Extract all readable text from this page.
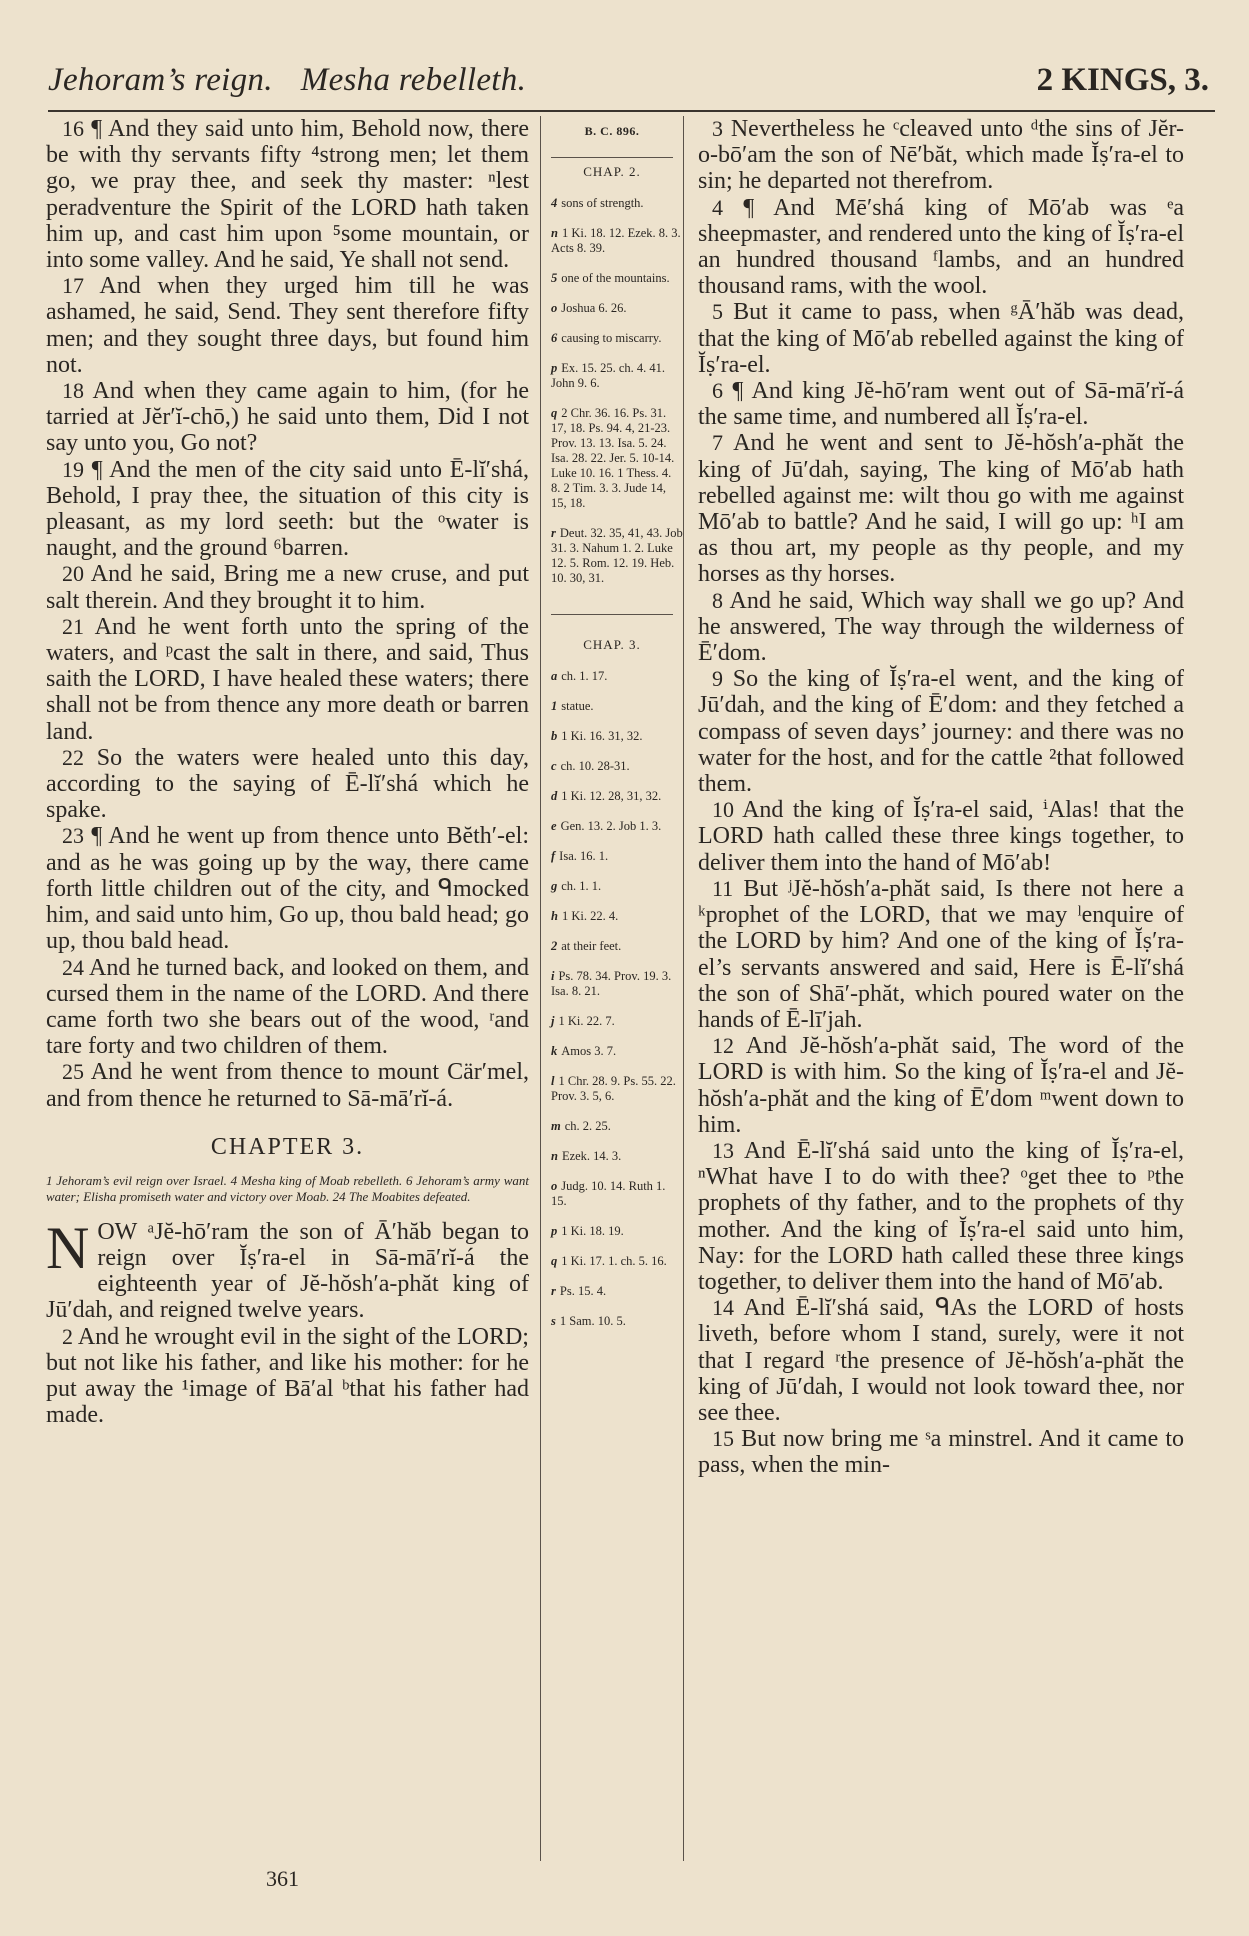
Jehoram’s reign. Mesha rebelleth.	2 KINGS, 3.

16 ¶ And they said unto him, Behold now, there be with thy servants fifty ⁴strong men; let them go, we pray thee, and seek thy master: ⁿlest peradventure the Spirit of the LORD hath taken him up, and cast him upon ⁵some mountain, or into some valley. And he said, Ye shall not send.

17 And when they urged him till he was ashamed, he said, Send. They sent therefore fifty men; and they sought three days, but found him not.

18 And when they came again to him, (for he tarried at Jĕr′ĭ-chō,) he said unto them, Did I not say unto you, Go not?

19 ¶ And the men of the city said unto Ē-lĭ′shá, Behold, I pray thee, the situation of this city is pleasant, as my lord seeth: but the ᵒwater is naught, and the ground ⁶barren.

20 And he said, Bring me a new cruse, and put salt therein. And they brought it to him.

21 And he went forth unto the spring of the waters, and ᵖcast the salt in there, and said, Thus saith the LORD, I have healed these waters; there shall not be from thence any more death or barren land.

22 So the waters were healed unto this day, according to the saying of Ē-lĭ′shá which he spake.

23 ¶ And he went up from thence unto Bĕth′-el: and as he was going up by the way, there came forth little children out of the city, and ᑫmocked him, and said unto him, Go up, thou bald head; go up, thou bald head.

24 And he turned back, and looked on them, and cursed them in the name of the LORD. And there came forth two she bears out of the wood, ʳand tare forty and two children of them.

25 And he went from thence to mount Cär′mel, and from thence he returned to Sā-mā′rĭ-á.

CHAPTER 3.

1 Jehoram’s evil reign over Israel. 4 Mesha king of Moab rebelleth. 6 Jehoram’s army want water; Elisha promiseth water and victory over Moab. 24 The Moabites defeated.

NOW ᵃJĕ-hō′ram the son of Ā′hăb began to reign over Ĭṣ′ra-el in Sā-mā′rĭ-á the eighteenth year of Jĕ-hŏsh′a-phăt king of Jū′dah, and reigned twelve years.

2 And he wrought evil in the sight of the LORD; but not like his father, and like his mother: for he put away the ¹image of Bā′al ᵇthat his father had made.

B. C. 896.
CHAP. 2.
4 sons of strength.
n 1 Ki. 18. 12. Ezek. 8. 3. Acts 8. 39.
5 one of the mountains.
o Joshua 6. 26.
6 causing to miscarry.
p Ex. 15. 25. ch. 4. 41. John 9. 6.
q 2 Chr. 36. 16. Ps. 31. 17, 18. Ps. 94. 4, 21-23. Prov. 13. 13. Isa. 5. 24. Isa. 28. 22. Jer. 5. 10-14. Luke 10. 16. 1 Thess. 4. 8. 2 Tim. 3. 3. Jude 14, 15, 18.
r Deut. 32. 35, 41, 43. Job 31. 3. Nahum 1. 2. Luke 12. 5. Rom. 12. 19. Heb. 10. 30, 31.
CHAP. 3.
a ch. 1. 17.
1 statue.
b 1 Ki. 16. 31, 32.
c ch. 10. 28-31.
d 1 Ki. 12. 28, 31, 32.
e Gen. 13. 2. Job 1. 3.
f Isa. 16. 1.
g ch. 1. 1.
h 1 Ki. 22. 4.
2 at their feet.
i Ps. 78. 34. Prov. 19. 3. Isa. 8. 21.
j 1 Ki. 22. 7.
k Amos 3. 7.
l 1 Chr. 28. 9. Ps. 55. 22. Prov. 3. 5, 6.
m ch. 2. 25.
n Ezek. 14. 3.
o Judg. 10. 14. Ruth 1. 15.
p 1 Ki. 18. 19.
q 1 Ki. 17. 1. ch. 5. 16.
r Ps. 15. 4.
s 1 Sam. 10. 5.

3 Nevertheless he ᶜcleaved unto ᵈthe sins of Jĕr-o-bō′am the son of Nē′băt, which made Ĭṣ′ra-el to sin; he departed not therefrom.

4 ¶ And Mē′shá king of Mō′ab was ᵉa sheepmaster, and rendered unto the king of Ĭṣ′ra-el an hundred thousand ᶠlambs, and an hundred thousand rams, with the wool.

5 But it came to pass, when ᵍĀ′hăb was dead, that the king of Mō′ab rebelled against the king of Ĭṣ′ra-el.

6 ¶ And king Jĕ-hō′ram went out of Sā-mā′rĭ-á the same time, and numbered all Ĭṣ′ra-el.

7 And he went and sent to Jĕ-hŏsh′a-phăt the king of Jū′dah, saying, The king of Mō′ab hath rebelled against me: wilt thou go with me against Mō′ab to battle? And he said, I will go up: ʰI am as thou art, my people as thy people, and my horses as thy horses.

8 And he said, Which way shall we go up? And he answered, The way through the wilderness of Ē′dom.

9 So the king of Ĭṣ′ra-el went, and the king of Jū′dah, and the king of Ē′dom: and they fetched a compass of seven days’ journey: and there was no water for the host, and for the cattle ²that followed them.

10 And the king of Ĭṣ′ra-el said, ⁱAlas! that the LORD hath called these three kings together, to deliver them into the hand of Mō′ab!

11 But ʲJĕ-hŏsh′a-phăt said, Is there not here a ᵏprophet of the LORD, that we may ˡenquire of the LORD by him? And one of the king of Ĭṣ′ra-el’s servants answered and said, Here is Ē-lĭ′shá the son of Shā′-phăt, which poured water on the hands of Ē-lī′jah.

12 And Jĕ-hŏsh′a-phăt said, The word of the LORD is with him. So the king of Ĭṣ′ra-el and Jĕ-hŏsh′a-phăt and the king of Ē′dom ᵐwent down to him.

13 And Ē-lĭ′shá said unto the king of Ĭṣ′ra-el, ⁿWhat have I to do with thee? ᵒget thee to ᵖthe prophets of thy father, and to the prophets of thy mother. And the king of Ĭṣ′ra-el said unto him, Nay: for the LORD hath called these three kings together, to deliver them into the hand of Mō′ab.

14 And Ē-lĭ′shá said, ᑫAs the LORD of hosts liveth, before whom I stand, surely, were it not that I regard ʳthe presence of Jĕ-hŏsh′a-phăt the king of Jū′dah, I would not look toward thee, nor see thee.

15 But now bring me ˢa minstrel. And it came to pass, when the min-

361
